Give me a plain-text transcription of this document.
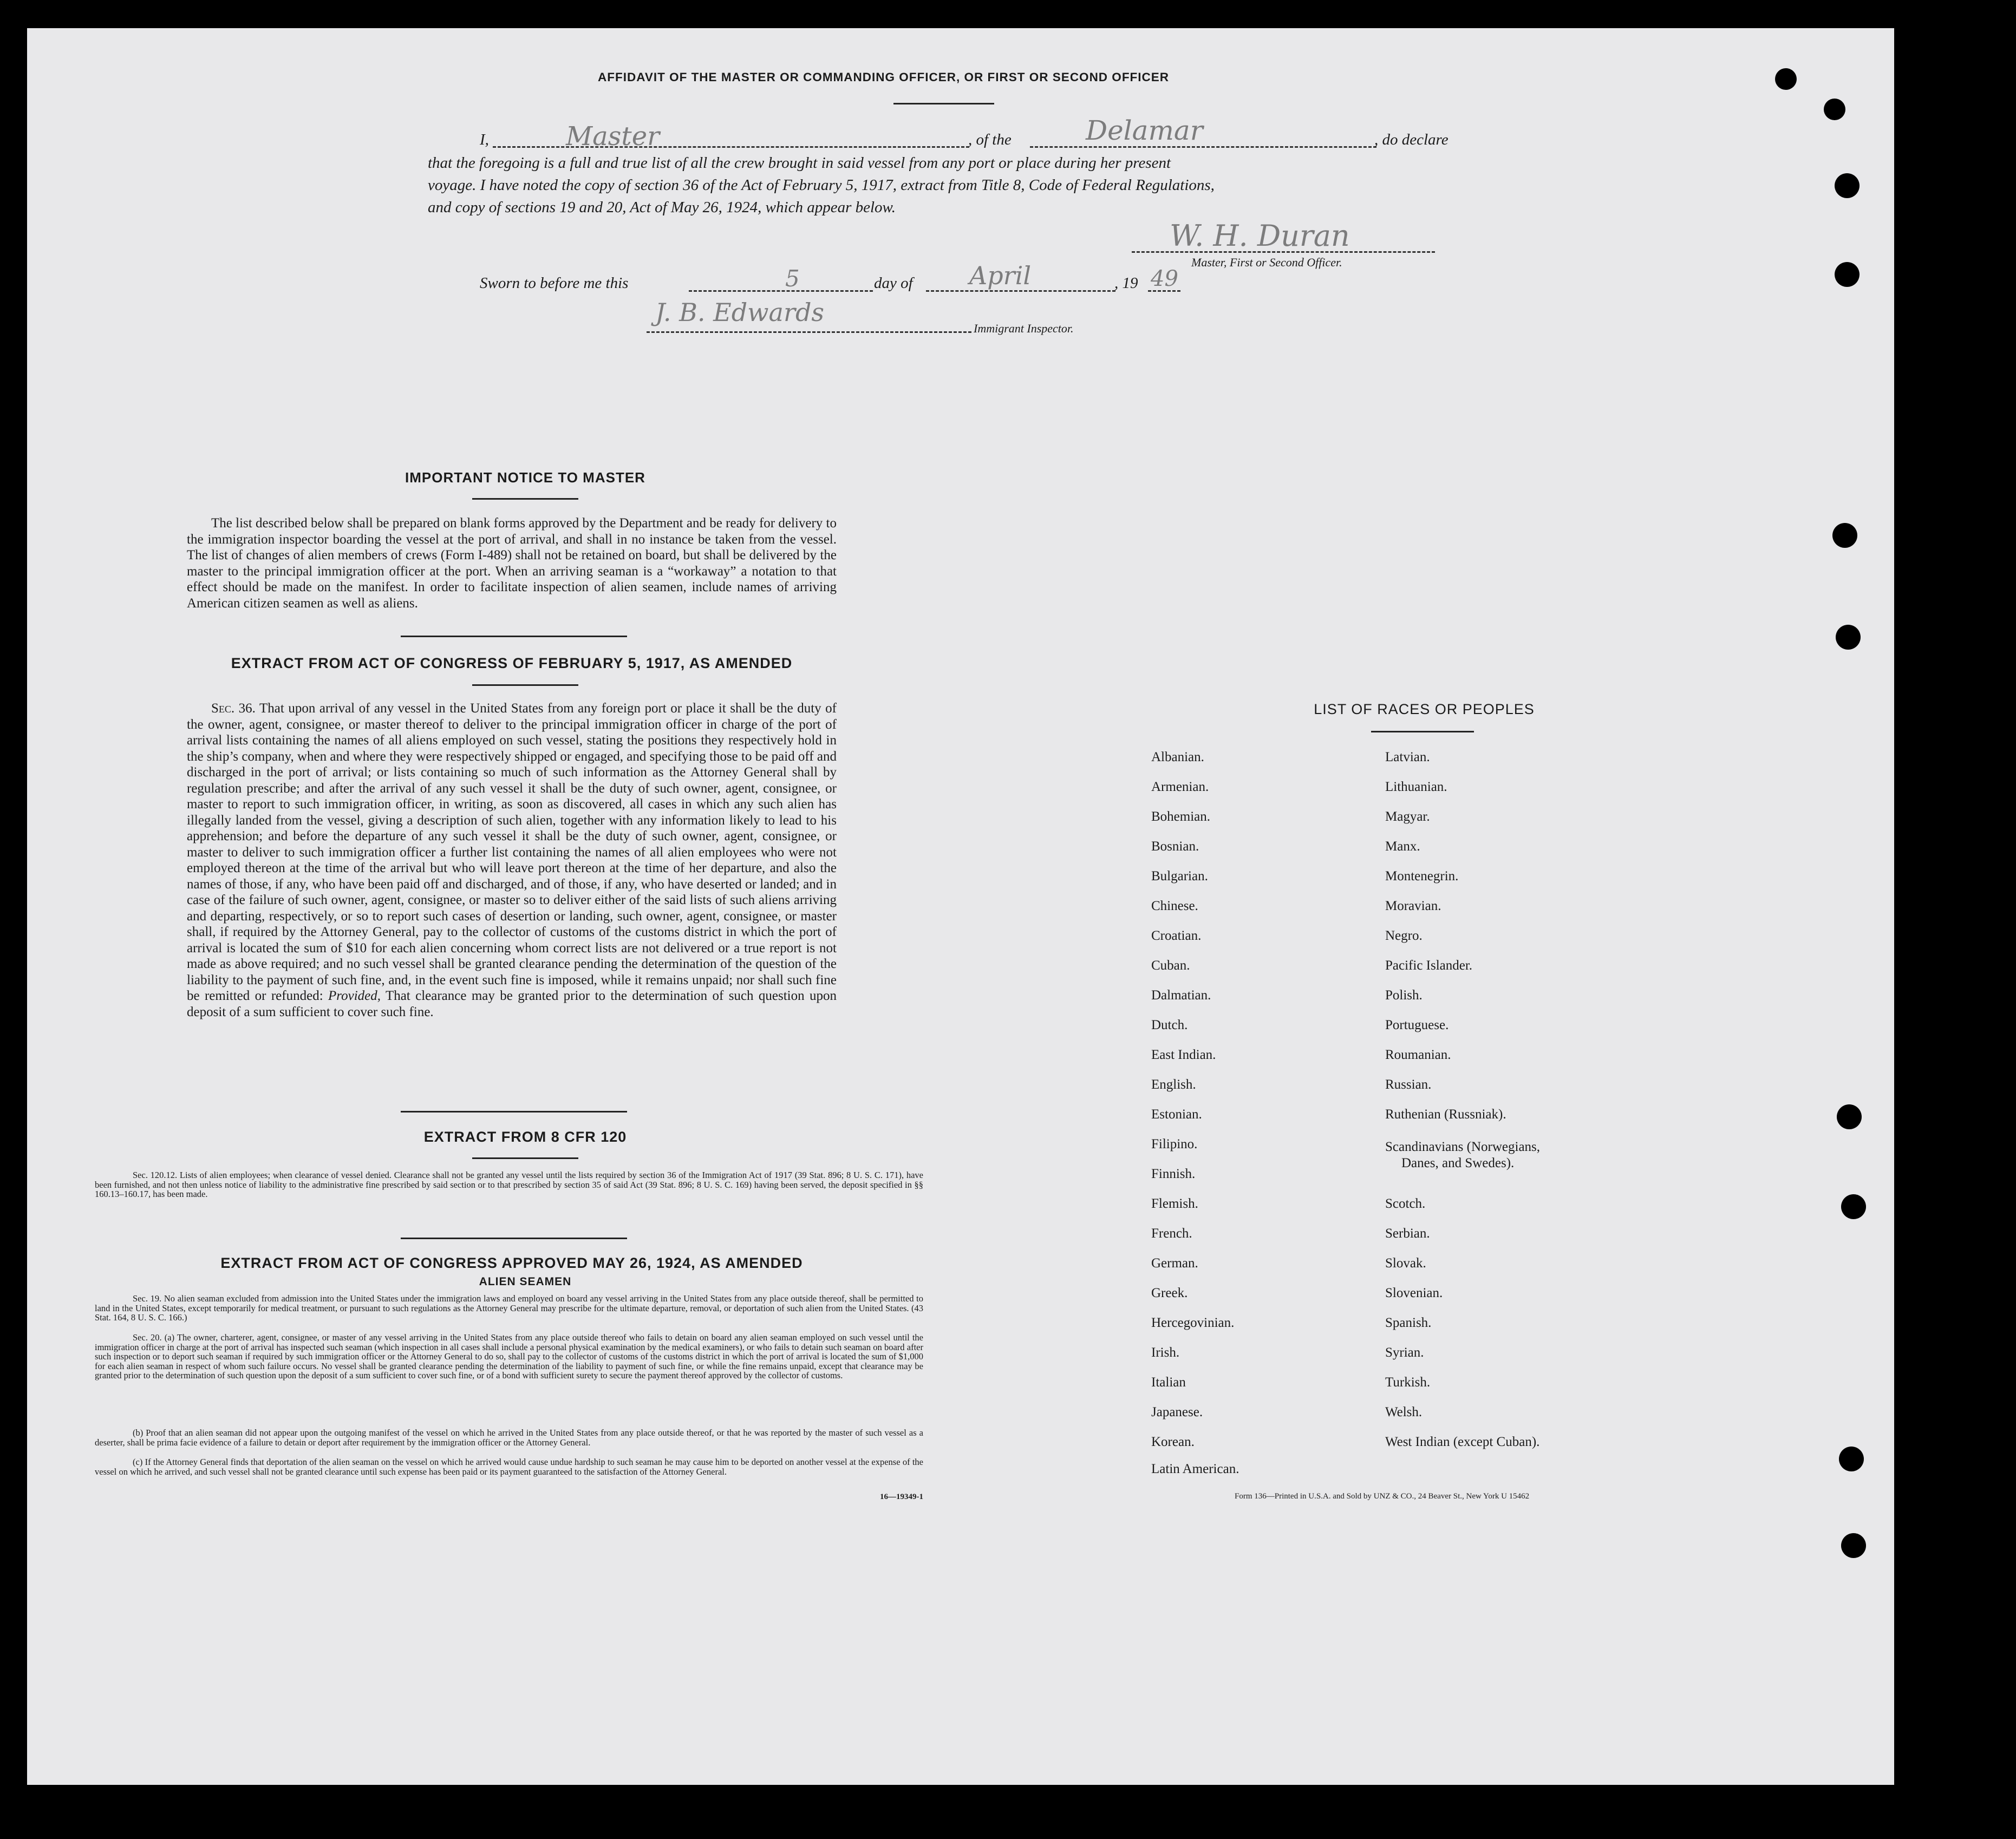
AFFIDAVIT OF THE MASTER OR COMMANDING OFFICER, OR FIRST OR SECOND OFFICER
I,	Master	, of the	Delamar	, do declare
that the foregoing is a full and true list of all the crew brought in said vessel from any port or place during her present
voyage. I have noted the copy of section 36 of the Act of February 5, 1917, extract from Title 8, Code of Federal Regulations,
and copy of sections 19 and 20, Act of May 26, 1924, which appear below.
W. H. Duran
Master, First or Second Officer.
Sworn to before me this	5	day of April	, 19 49
J. B. Edwards
Immigrant Inspector.
IMPORTANT NOTICE TO MASTER
The list described below shall be prepared on blank forms approved by the Department and be ready for delivery to the immigration inspector boarding the vessel at the port of arrival, and shall in no instance be taken from the vessel. The list of changes of alien members of crews (Form I-489) shall not be retained on board, but shall be delivered by the master to the principal immigration officer at the port. When an arriving seaman is a “workaway” a notation to that effect should be made on the manifest. In order to facilitate inspection of alien seamen, include names of arriving American citizen seamen as well as aliens.
EXTRACT FROM ACT OF CONGRESS OF FEBRUARY 5, 1917, AS AMENDED
Sec. 36. That upon arrival of any vessel in the United States from any foreign port or place it shall be the duty of the owner, agent, consignee, or master thereof to deliver to the principal immigration officer in charge of the port of arrival lists containing the names of all aliens employed on such vessel, stating the positions they respectively hold in the ship’s company, when and where they were respectively shipped or engaged, and specifying those to be paid off and discharged in the port of arrival; or lists containing so much of such information as the Attorney General shall by regulation prescribe; and after the arrival of any such vessel it shall be the duty of such owner, agent, consignee, or master to report to such immigration officer, in writing, as soon as discovered, all cases in which any such alien has illegally landed from the vessel, giving a description of such alien, together with any information likely to lead to his apprehension; and before the departure of any such vessel it shall be the duty of such owner, agent, consignee, or master to deliver to such immigration officer a further list containing the names of all alien employees who were not employed thereon at the time of the arrival but who will leave port thereon at the time of her departure, and also the names of those, if any, who have been paid off and discharged, and of those, if any, who have deserted or landed; and in case of the failure of such owner, agent, consignee, or master so to deliver either of the said lists of such aliens arriving and departing, respectively, or so to report such cases of desertion or landing, such owner, agent, consignee, or master shall, if required by the Attorney General, pay to the collector of customs of the customs district in which the port of arrival is located the sum of $10 for each alien concerning whom correct lists are not delivered or a true report is not made as above required; and no such vessel shall be granted clearance pending the determination of the question of the liability to the payment of such fine, and, in the event such fine is imposed, while it remains unpaid; nor shall such fine be remitted or refunded: Provided, That clearance may be granted prior to the determination of such question upon deposit of a sum sufficient to cover such fine.
EXTRACT FROM 8 CFR 120
Sec. 120.12. Lists of alien employees; when clearance of vessel denied. Clearance shall not be granted any vessel until the lists required by section 36 of the Immigration Act of 1917 (39 Stat. 896; 8 U. S. C. 171), have been furnished, and not then unless notice of liability to the administrative fine prescribed by said section or to that prescribed by section 35 of said Act (39 Stat. 896; 8 U. S. C. 169) having been served, the deposit specified in §§ 160.13–160.17, has been made.
EXTRACT FROM ACT OF CONGRESS APPROVED MAY 26, 1924, AS AMENDED
ALIEN SEAMEN
Sec. 19. No alien seaman excluded from admission into the United States under the immigration laws and employed on board any vessel arriving in the United States from any place outside thereof, shall be permitted to land in the United States, except temporarily for medical treatment, or pursuant to such regulations as the Attorney General may prescribe for the ultimate departure, removal, or deportation of such alien from the United States. (43 Stat. 164, 8 U. S. C. 166.)
Sec. 20. (a) The owner, charterer, agent, consignee, or master of any vessel arriving in the United States from any place outside thereof who fails to detain on board any alien seaman employed on such vessel until the immigration officer in charge at the port of arrival has inspected such seaman (which inspection in all cases shall include a personal physical examination by the medical examiners), or who fails to detain such seaman on board after such inspection or to deport such seaman if required by such immigration officer or the Attorney General to do so, shall pay to the collector of customs of the customs district in which the port of arrival is located the sum of $1,000 for each alien seaman in respect of whom such failure occurs. No vessel shall be granted clearance pending the determination of the liability to payment of such fine, or while the fine remains unpaid, except that clearance may be granted prior to the determination of such question upon the deposit of a sum sufficient to cover such fine, or of a bond with sufficient surety to secure the payment thereof approved by the collector of customs.
(b) Proof that an alien seaman did not appear upon the outgoing manifest of the vessel on which he arrived in the United States from any place outside thereof, or that he was reported by the master of such vessel as a deserter, shall be prima facie evidence of a failure to detain or deport after requirement by the immigration officer or the Attorney General.
(c) If the Attorney General finds that deportation of the alien seaman on the vessel on which he arrived would cause undue hardship to such seaman he may cause him to be deported on another vessel at the expense of the vessel on which he arrived, and such vessel shall not be granted clearance until such expense has been paid or its payment guaranteed to the satisfaction of the Attorney General.
16—19349-1
LIST OF RACES OR PEOPLES
Albanian.
Armenian.
Bohemian.
Bosnian.
Bulgarian.
Chinese.
Croatian.
Cuban.
Dalmatian.
Dutch.
East Indian.
English.
Estonian.
Filipino.
Finnish.
Flemish.
French.
German.
Greek.
Hercegovinian.
Irish.
Italian
Japanese.
Korean.
Latin American.
Latvian.
Lithuanian.
Magyar.
Manx.
Montenegrin.
Moravian.
Negro.
Pacific Islander.
Polish.
Portuguese.
Roumanian.
Russian.
Ruthenian (Russniak).
Scandinavians (Norwegians,
Danes, and Swedes).
Scotch.
Serbian.
Slovak.
Slovenian.
Spanish.
Syrian.
Turkish.
Welsh.
West Indian (except Cuban).
Form 136—Printed in U.S.A. and Sold by UNZ & CO., 24 Beaver St., New York U 15462
